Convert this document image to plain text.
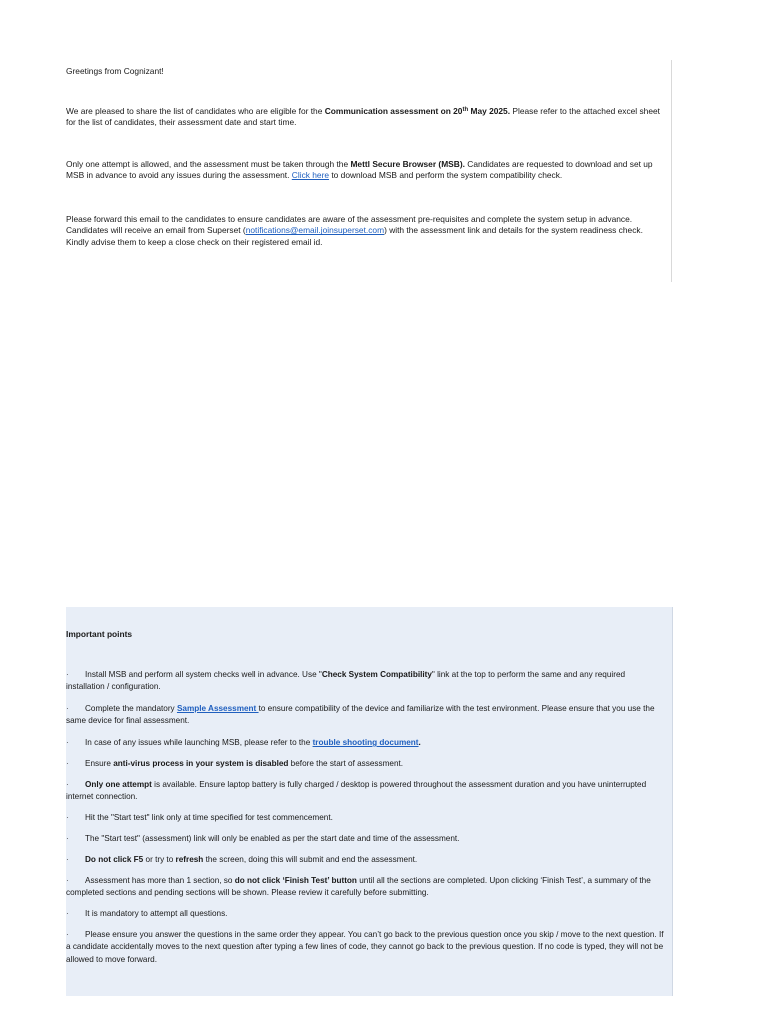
Greetings from Cognizant!

We are pleased to share the list of candidates who are eligible for the Communication assessment on 20th May 2025. Please refer to the attached excel sheet for the list of candidates, their assessment date and start time.

Only one attempt is allowed, and the assessment must be taken through the Mettl Secure Browser (MSB). Candidates are requested to download and set up MSB in advance to avoid any issues during the assessment. Click here to download MSB and perform the system compatibility check.

Please forward this email to the candidates to ensure candidates are aware of the assessment pre-requisites and complete the system setup in advance. Candidates will receive an email from Superset (notifications@email.joinsuperset.com) with the assessment link and details for the system readiness check. Kindly advise them to keep a close check on their registered email id.

Important points

· Install MSB and perform all system checks well in advance. Use "Check System Compatibility" link at the top to perform the same and any required installation / configuration.

· Complete the mandatory Sample Assessment to ensure compatibility of the device and familiarize with the test environment. Please ensure that you use the same device for final assessment.

· In case of any issues while launching MSB, please refer to the trouble shooting document.

· Ensure anti-virus process in your system is disabled before the start of assessment.

· Only one attempt is available. Ensure laptop battery is fully charged / desktop is powered throughout the assessment duration and you have uninterrupted internet connection.

· Hit the "Start test" link only at time specified for test commencement.

· The "Start test" (assessment) link will only be enabled as per the start date and time of the assessment.

· Do not click F5 or try to refresh the screen, doing this will submit and end the assessment.

· Assessment has more than 1 section, so do not click ‘Finish Test’ button until all the sections are completed. Upon clicking ‘Finish Test’, a summary of the completed sections and pending sections will be shown. Please review it carefully before submitting.

· It is mandatory to attempt all questions.

· Please ensure you answer the questions in the same order they appear. You can’t go back to the previous question once you skip / move to the next question. If a candidate accidentally moves to the next question after typing a few lines of code, they cannot go back to the previous question. If no code is typed, they will not be allowed to move forward.
